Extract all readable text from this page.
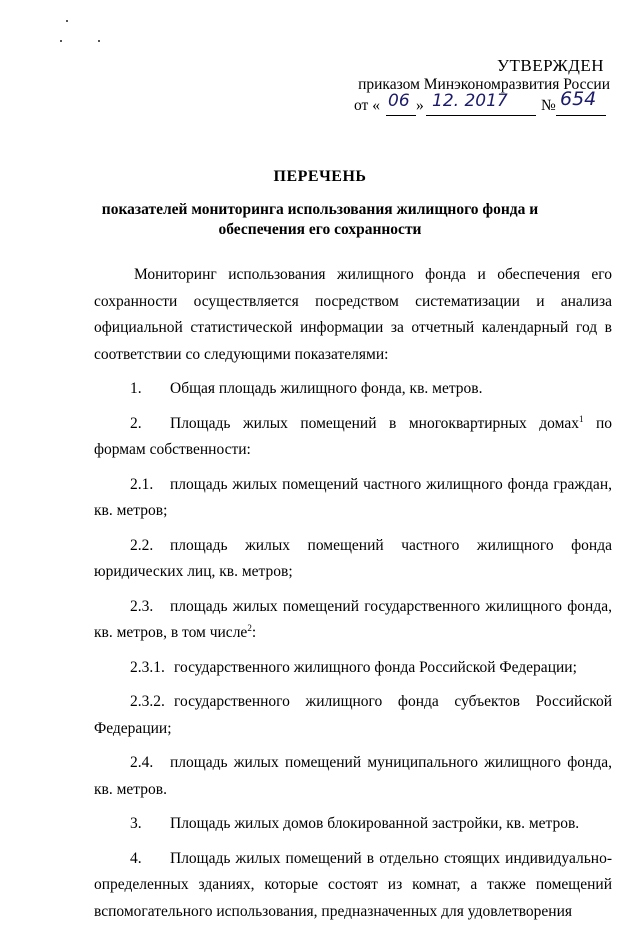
УТВЕРЖДЕН
приказом Минэкономразвития России
от « 06 » 12. 2017 № 654
ПЕРЕЧЕНЬ
показателей мониторинга использования жилищного фонда и обеспечения его сохранности

Мониторинг использования жилищного фонда и обеспечения его сохранности осуществляется посредством систематизации и анализа официальной статистической информации за отчетный календарный год в соответствии со следующими показателями:

1. Общая площадь жилищного фонда, кв. метров.

2. Площадь жилых помещений в многоквартирных домах$^1$ по формам собственности:

2.1. площадь жилых помещений частного жилищного фонда граждан, кв. метров;

2.2. площадь жилых помещений частного жилищного фонда юридических лиц, кв. метров;

2.3. площадь жилых помещений государственного жилищного фонда, кв. метров, в том числе$^2$:

2.3.1. государственного жилищного фонда Российской Федерации;

2.3.2. государственного жилищного фонда субъектов Российской Федерации;

2.4. площадь жилых помещений муниципального жилищного фонда, кв. метров.

3. Площадь жилых домов блокированной застройки, кв. метров.

4. Площадь жилых помещений в отдельно стоящих индивидуально-определенных зданиях, которые состоят из комнат, а также помещений вспомогательного использования, предназначенных для удовлетворения
